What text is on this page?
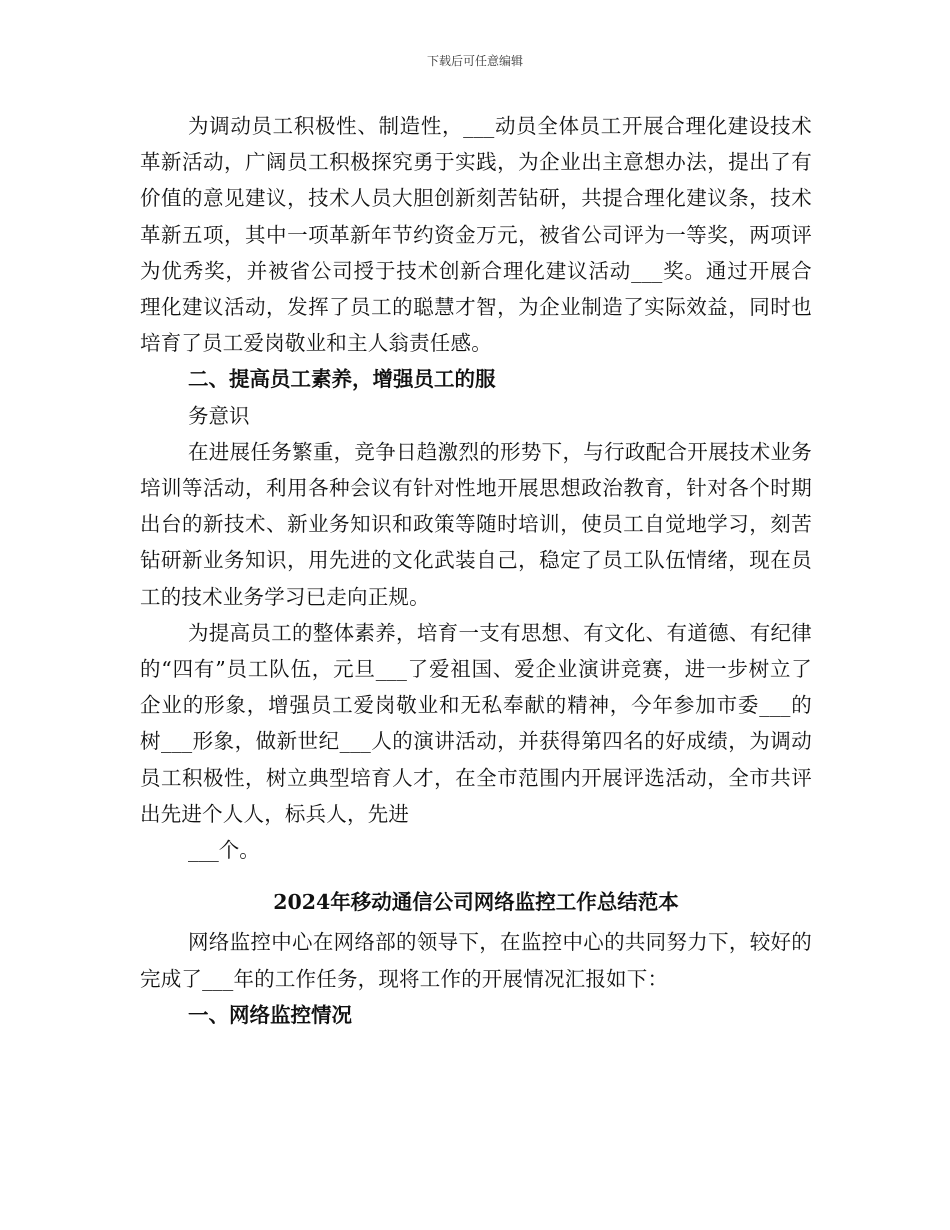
下载后可任意编辑

为调动员工积极性、制造性，___动员全体员工开展合理化建设技术革新活动，广阔员工积极探究勇于实践，为企业出主意想办法，提出了有价值的意见建议，技术人员大胆创新刻苦钻研，共提合理化建议条，技术革新五项，其中一项革新年节约资金万元，被省公司评为一等奖，两项评为优秀奖，并被省公司授于技术创新合理化建议活动___奖。通过开展合理化建议活动，发挥了员工的聪慧才智，为企业制造了实际效益，同时也培育了员工爱岗敬业和主人翁责任感。

二、提高员工素养，增强员工的服

务意识

在进展任务繁重，竞争日趋激烈的形势下，与行政配合开展技术业务培训等活动，利用各种会议有针对性地开展思想政治教育，针对各个时期出台的新技术、新业务知识和政策等随时培训，使员工自觉地学习，刻苦钻研新业务知识，用先进的文化武装自己，稳定了员工队伍情绪，现在员工的技术业务学习已走向正规。

为提高员工的整体素养，培育一支有思想、有文化、有道德、有纪律的“四有”员工队伍，元旦___了爱祖国、爱企业演讲竞赛，进一步树立了企业的形象，增强员工爱岗敬业和无私奉献的精神，今年参加市委___的树___形象，做新世纪___人的演讲活动，并获得第四名的好成绩，为调动员工积极性，树立典型培育人才，在全市范围内开展评选活动，全市共评出先进个人人，标兵人，先进

___个。

2024年移动通信公司网络监控工作总结范本

网络监控中心在网络部的领导下，在监控中心的共同努力下，较好的完成了___年的工作任务，现将工作的开展情况汇报如下：

一、网络监控情况
